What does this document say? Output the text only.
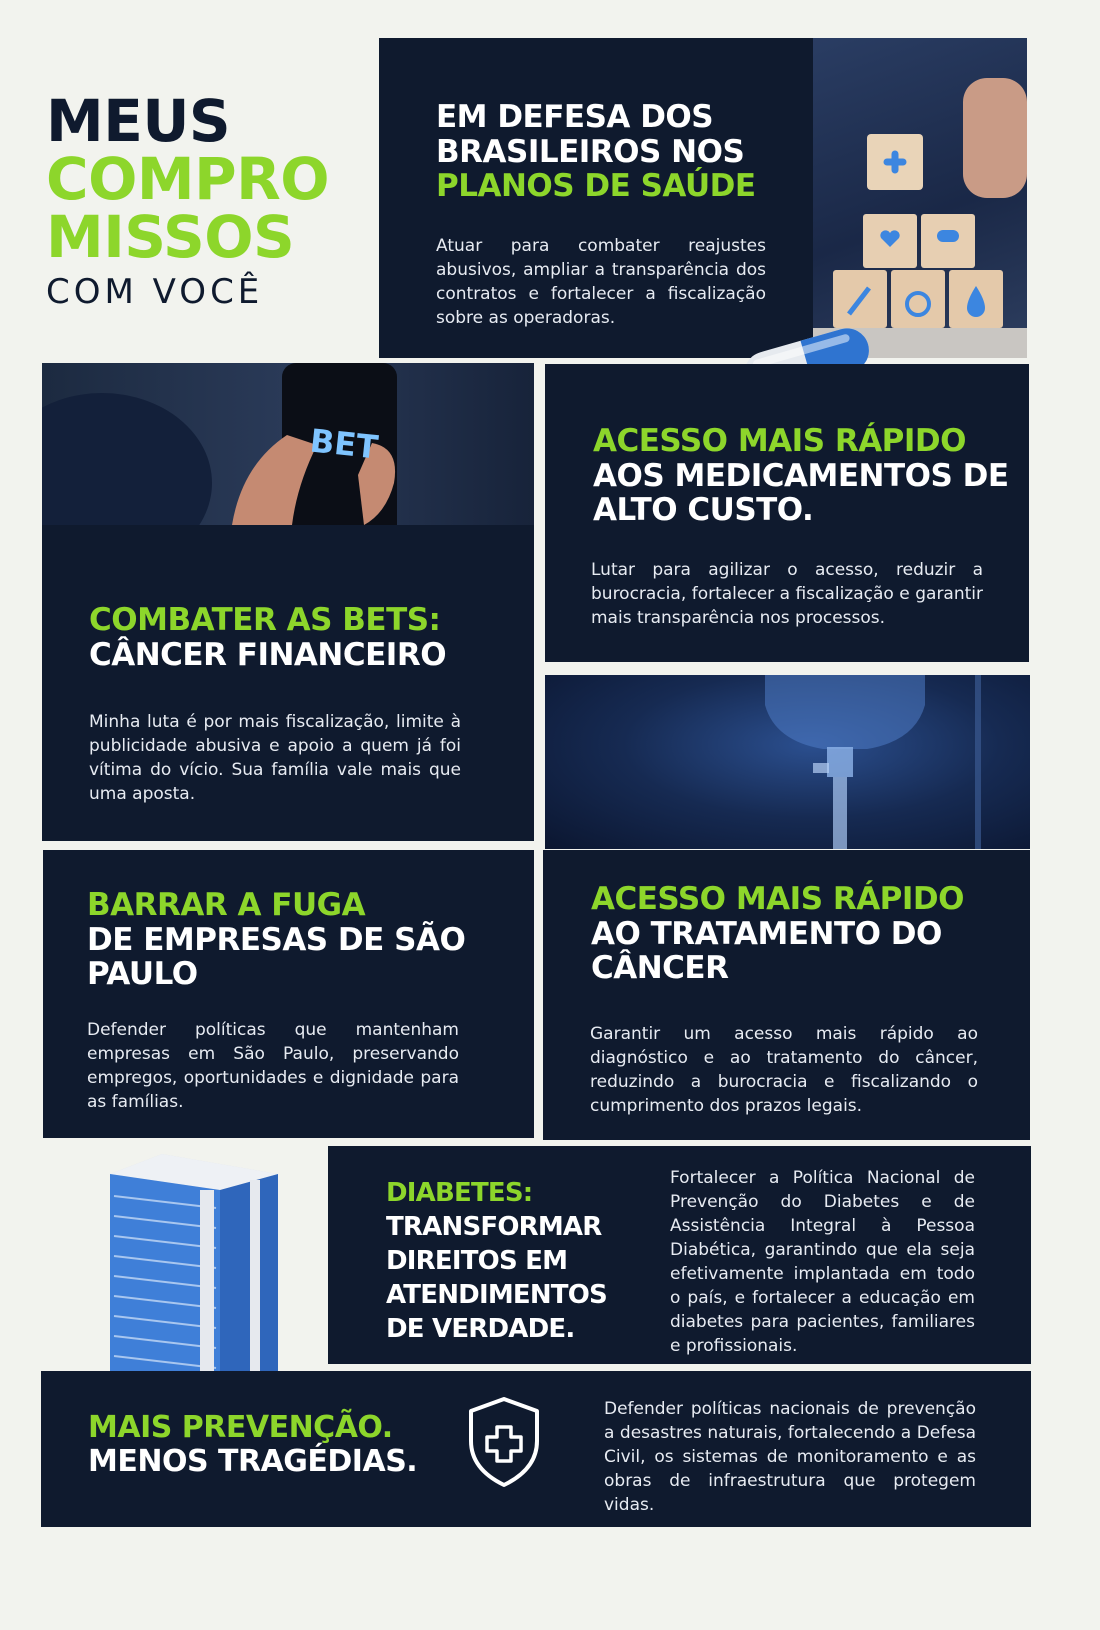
MEUS
COMPRO
MISSOS
COM VOCÊ

EM DEFESA DOS BRASILEIROS NOS

PLANOS DE SAÚDE

Atuar para combater reajustes abusivos, ampliar a transparência dos contratos e fortalecer a fiscalização sobre as operadoras.

BET

COMBATER AS BETS:

CÂNCER FINANCEIRO

Minha luta é por mais fiscalização, limite à publicidade abusiva e apoio a quem já foi vítima do vício. Sua família vale mais que uma aposta.

ACESSO MAIS RÁPIDO

AOS MEDICAMENTOS DE ALTO CUSTO.

Lutar para agilizar o acesso, reduzir a burocracia, fortalecer a fiscalização e garantir mais transparência nos processos.

BARRAR A FUGA

DE EMPRESAS DE SÃO PAULO

Defender políticas que mantenham empresas em São Paulo, preservando empregos, oportunidades e dignidade para as famílias.

ACESSO MAIS RÁPIDO

AO TRATAMENTO DO CÂNCER

Garantir um acesso mais rápido ao diagnóstico e ao tratamento do câncer, reduzindo a burocracia e fiscalizando o cumprimento dos prazos legais.

DIABETES:

TRANSFORMAR DIREITOS EM ATENDIMENTOS DE VERDADE.

Fortalecer a Política Nacional de Prevenção do Diabetes e de Assistência Integral à Pessoa Diabética, garantindo que ela seja efetivamente implantada em todo o país, e fortalecer a educação em diabetes para pacientes, familiares e profissionais.

MAIS PREVENÇÃO.

MENOS TRAGÉDIAS.

Defender políticas nacionais de prevenção a desastres naturais, fortalecendo a Defesa Civil, os sistemas de monitoramento e as obras de infraestrutura que protegem vidas.
